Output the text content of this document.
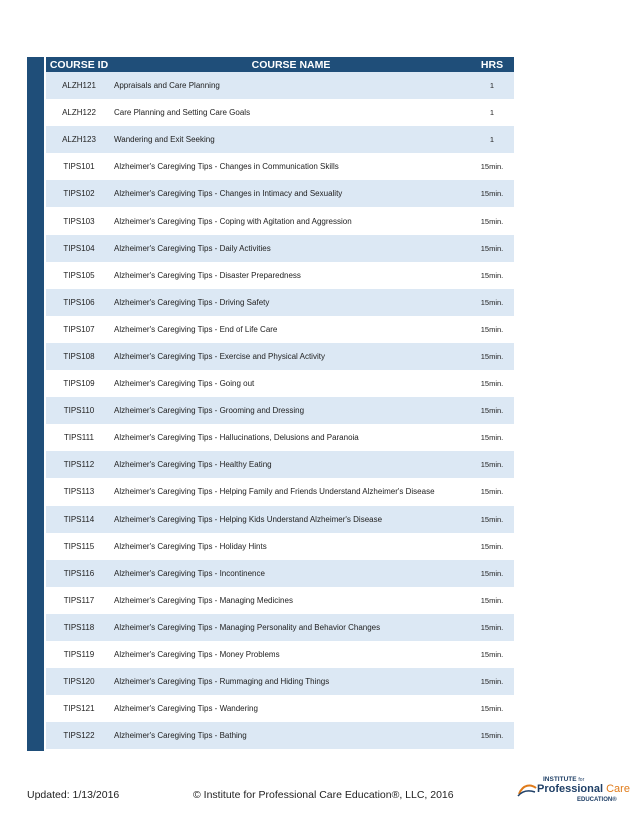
COURSE ID	COURSE NAME	HRS
ALZH121	Appraisals and Care Planning	1
ALZH122	Care Planning and Setting Care Goals	1
ALZH123	Wandering and Exit Seeking	1
TIPS101	Alzheimer's Caregiving Tips - Changes in Communication Skills	15min.
TIPS102	Alzheimer's Caregiving Tips - Changes in Intimacy and Sexuality	15min.
TIPS103	Alzheimer's Caregiving Tips - Coping with Agitation and Aggression	15min.
TIPS104	Alzheimer's Caregiving Tips - Daily Activities	15min.
TIPS105	Alzheimer's Caregiving Tips - Disaster Preparedness	15min.
TIPS106	Alzheimer's Caregiving Tips - Driving Safety	15min.
TIPS107	Alzheimer's Caregiving Tips - End of Life Care	15min.
TIPS108	Alzheimer's Caregiving Tips - Exercise and Physical Activity	15min.
TIPS109	Alzheimer's Caregiving Tips - Going out	15min.
TIPS110	Alzheimer's Caregiving Tips - Grooming and Dressing	15min.
TIPS111	Alzheimer's Caregiving Tips - Hallucinations, Delusions and Paranoia	15min.
TIPS112	Alzheimer's Caregiving Tips - Healthy Eating	15min.
TIPS113	Alzheimer's Caregiving Tips - Helping Family and Friends Understand Alzheimer's Disease	15min.
TIPS114	Alzheimer's Caregiving Tips - Helping Kids Understand Alzheimer's Disease	15min.
TIPS115	Alzheimer's Caregiving Tips - Holiday Hints	15min.
TIPS116	Alzheimer's Caregiving Tips - Incontinence	15min.
TIPS117	Alzheimer's Caregiving Tips - Managing Medicines	15min.
TIPS118	Alzheimer's Caregiving Tips - Managing Personality and Behavior Changes	15min.
TIPS119	Alzheimer's Caregiving Tips - Money Problems	15min.
TIPS120	Alzheimer's Caregiving Tips - Rummaging and Hiding Things	15min.
TIPS121	Alzheimer's Caregiving Tips - Wandering	15min.
TIPS122	Alzheimer's Caregiving Tips - Bathing	15min.
Updated: 1/13/2016	© Institute for Professional Care Education®, LLC, 2016
INSTITUTE for
Professional Care
EDUCATION®
